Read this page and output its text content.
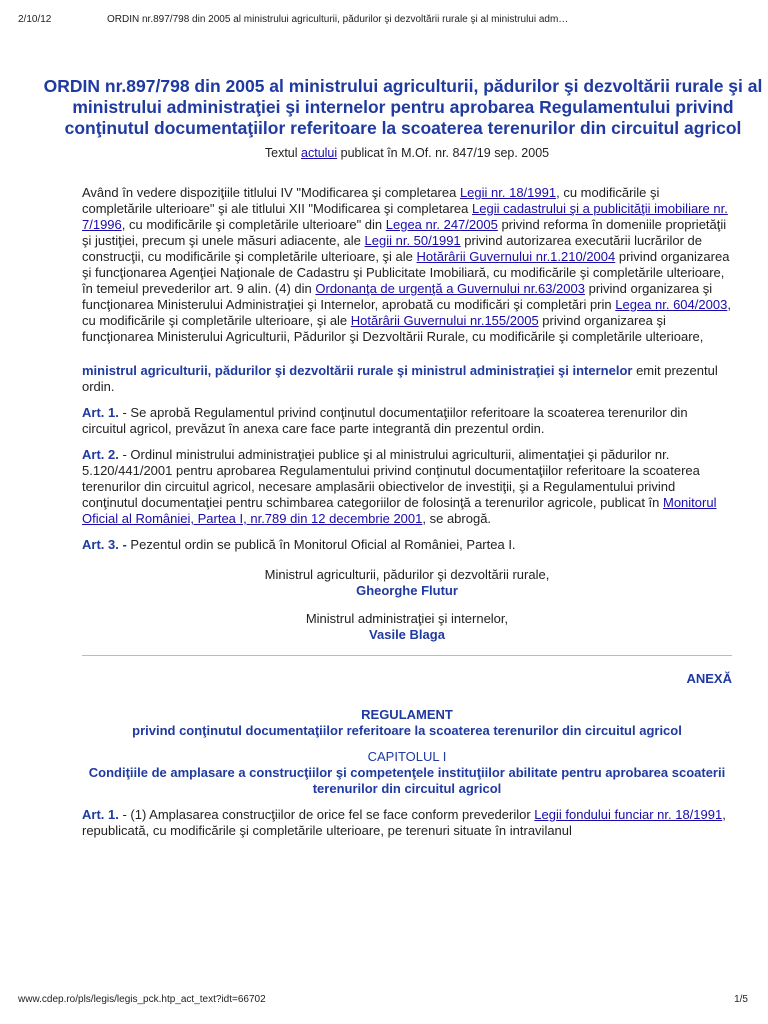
2/10/12	ORDIN nr.897/798 din 2005 al ministrului agriculturii, pădurilor şi dezvoltării rurale şi al ministrului adm…
ORDIN nr.897/798 din 2005 al ministrului agriculturii, pădurilor şi dezvoltării rurale şi al ministrului administraţiei şi internelor pentru aprobarea Regulamentului privind conţinutul documentaţiilor referitoare la scoaterea terenurilor din circuitul agricol
Textul actului publicat în M.Of. nr. 847/19 sep. 2005

Având în vedere dispoziţiile titlului IV "Modificarea şi completarea Legii nr. 18/1991, cu modificările şi completările ulterioare" şi ale titlului XII "Modificarea şi completarea Legii cadastrului şi a publicităţii imobiliare nr. 7/1996, cu modificările şi completările ulterioare" din Legea nr. 247/2005 privind reforma în domeniile proprietăţii şi justiţiei, precum şi unele măsuri adiacente, ale Legii nr. 50/1991 privind autorizarea executării lucrărilor de construcţii, cu modificările şi completările ulterioare, şi ale Hotărârii Guvernului nr.1.210/2004 privind organizarea şi funcţionarea Agenţiei Naţionale de Cadastru şi Publicitate Imobiliară, cu modificările şi completările ulterioare,
în temeiul prevederilor art. 9 alin. (4) din Ordonanţa de urgenţă a Guvernului nr.63/2003 privind organizarea şi funcţionarea Ministerului Administraţiei şi Internelor, aprobată cu modificări şi completări prin Legea nr. 604/2003, cu modificările şi completările ulterioare, şi ale Hotărârii Guvernului nr.155/2005 privind organizarea şi funcţionarea Ministerului Agriculturii, Pădurilor şi Dezvoltării Rurale, cu modificările şi completările ulterioare,

ministrul agriculturii, pădurilor şi dezvoltării rurale şi ministrul administraţiei şi internelor emit prezentul ordin.

Art. 1. - Se aprobă Regulamentul privind conţinutul documentaţiilor referitoare la scoaterea terenurilor din circuitul agricol, prevăzut în anexa care face parte integrantă din prezentul ordin.

Art. 2. - Ordinul ministrului administraţiei publice şi al ministrului agriculturii, alimentaţiei şi pădurilor nr. 5.120/441/2001 pentru aprobarea Regulamentului privind conţinutul documentaţiilor referitoare la scoaterea terenurilor din circuitul agricol, necesare amplasării obiectivelor de investiţii, şi a Regulamentului privind conţinutul documentaţiei pentru schimbarea categoriilor de folosinţă a terenurilor agricole, publicat în Monitorul Oficial al României, Partea I, nr.789 din 12 decembrie 2001, se abrogă.

Art. 3. - Pezentul ordin se publică în Monitorul Oficial al României, Partea I.

Ministrul agriculturii, pădurilor şi dezvoltării rurale,
Gheorghe Flutur
Ministrul administraţiei şi internelor,
Vasile Blaga
ANEXĂ
REGULAMENT
privind conţinutul documentaţiilor referitoare la scoaterea terenurilor din circuitul agricol
CAPITOLUL I
Condiţiile de amplasare a construcţiilor şi competenţele instituţiilor abilitate pentru aprobarea scoaterii terenurilor din circuitul agricol

Art. 1. - (1) Amplasarea construcţiilor de orice fel se face conform prevederilor Legii fondului funciar nr. 18/1991, republicată, cu modificările şi completările ulterioare, pe terenuri situate în intravilanul

www.cdep.ro/pls/legis/legis_pck.htp_act_text?idt=66702	1/5
